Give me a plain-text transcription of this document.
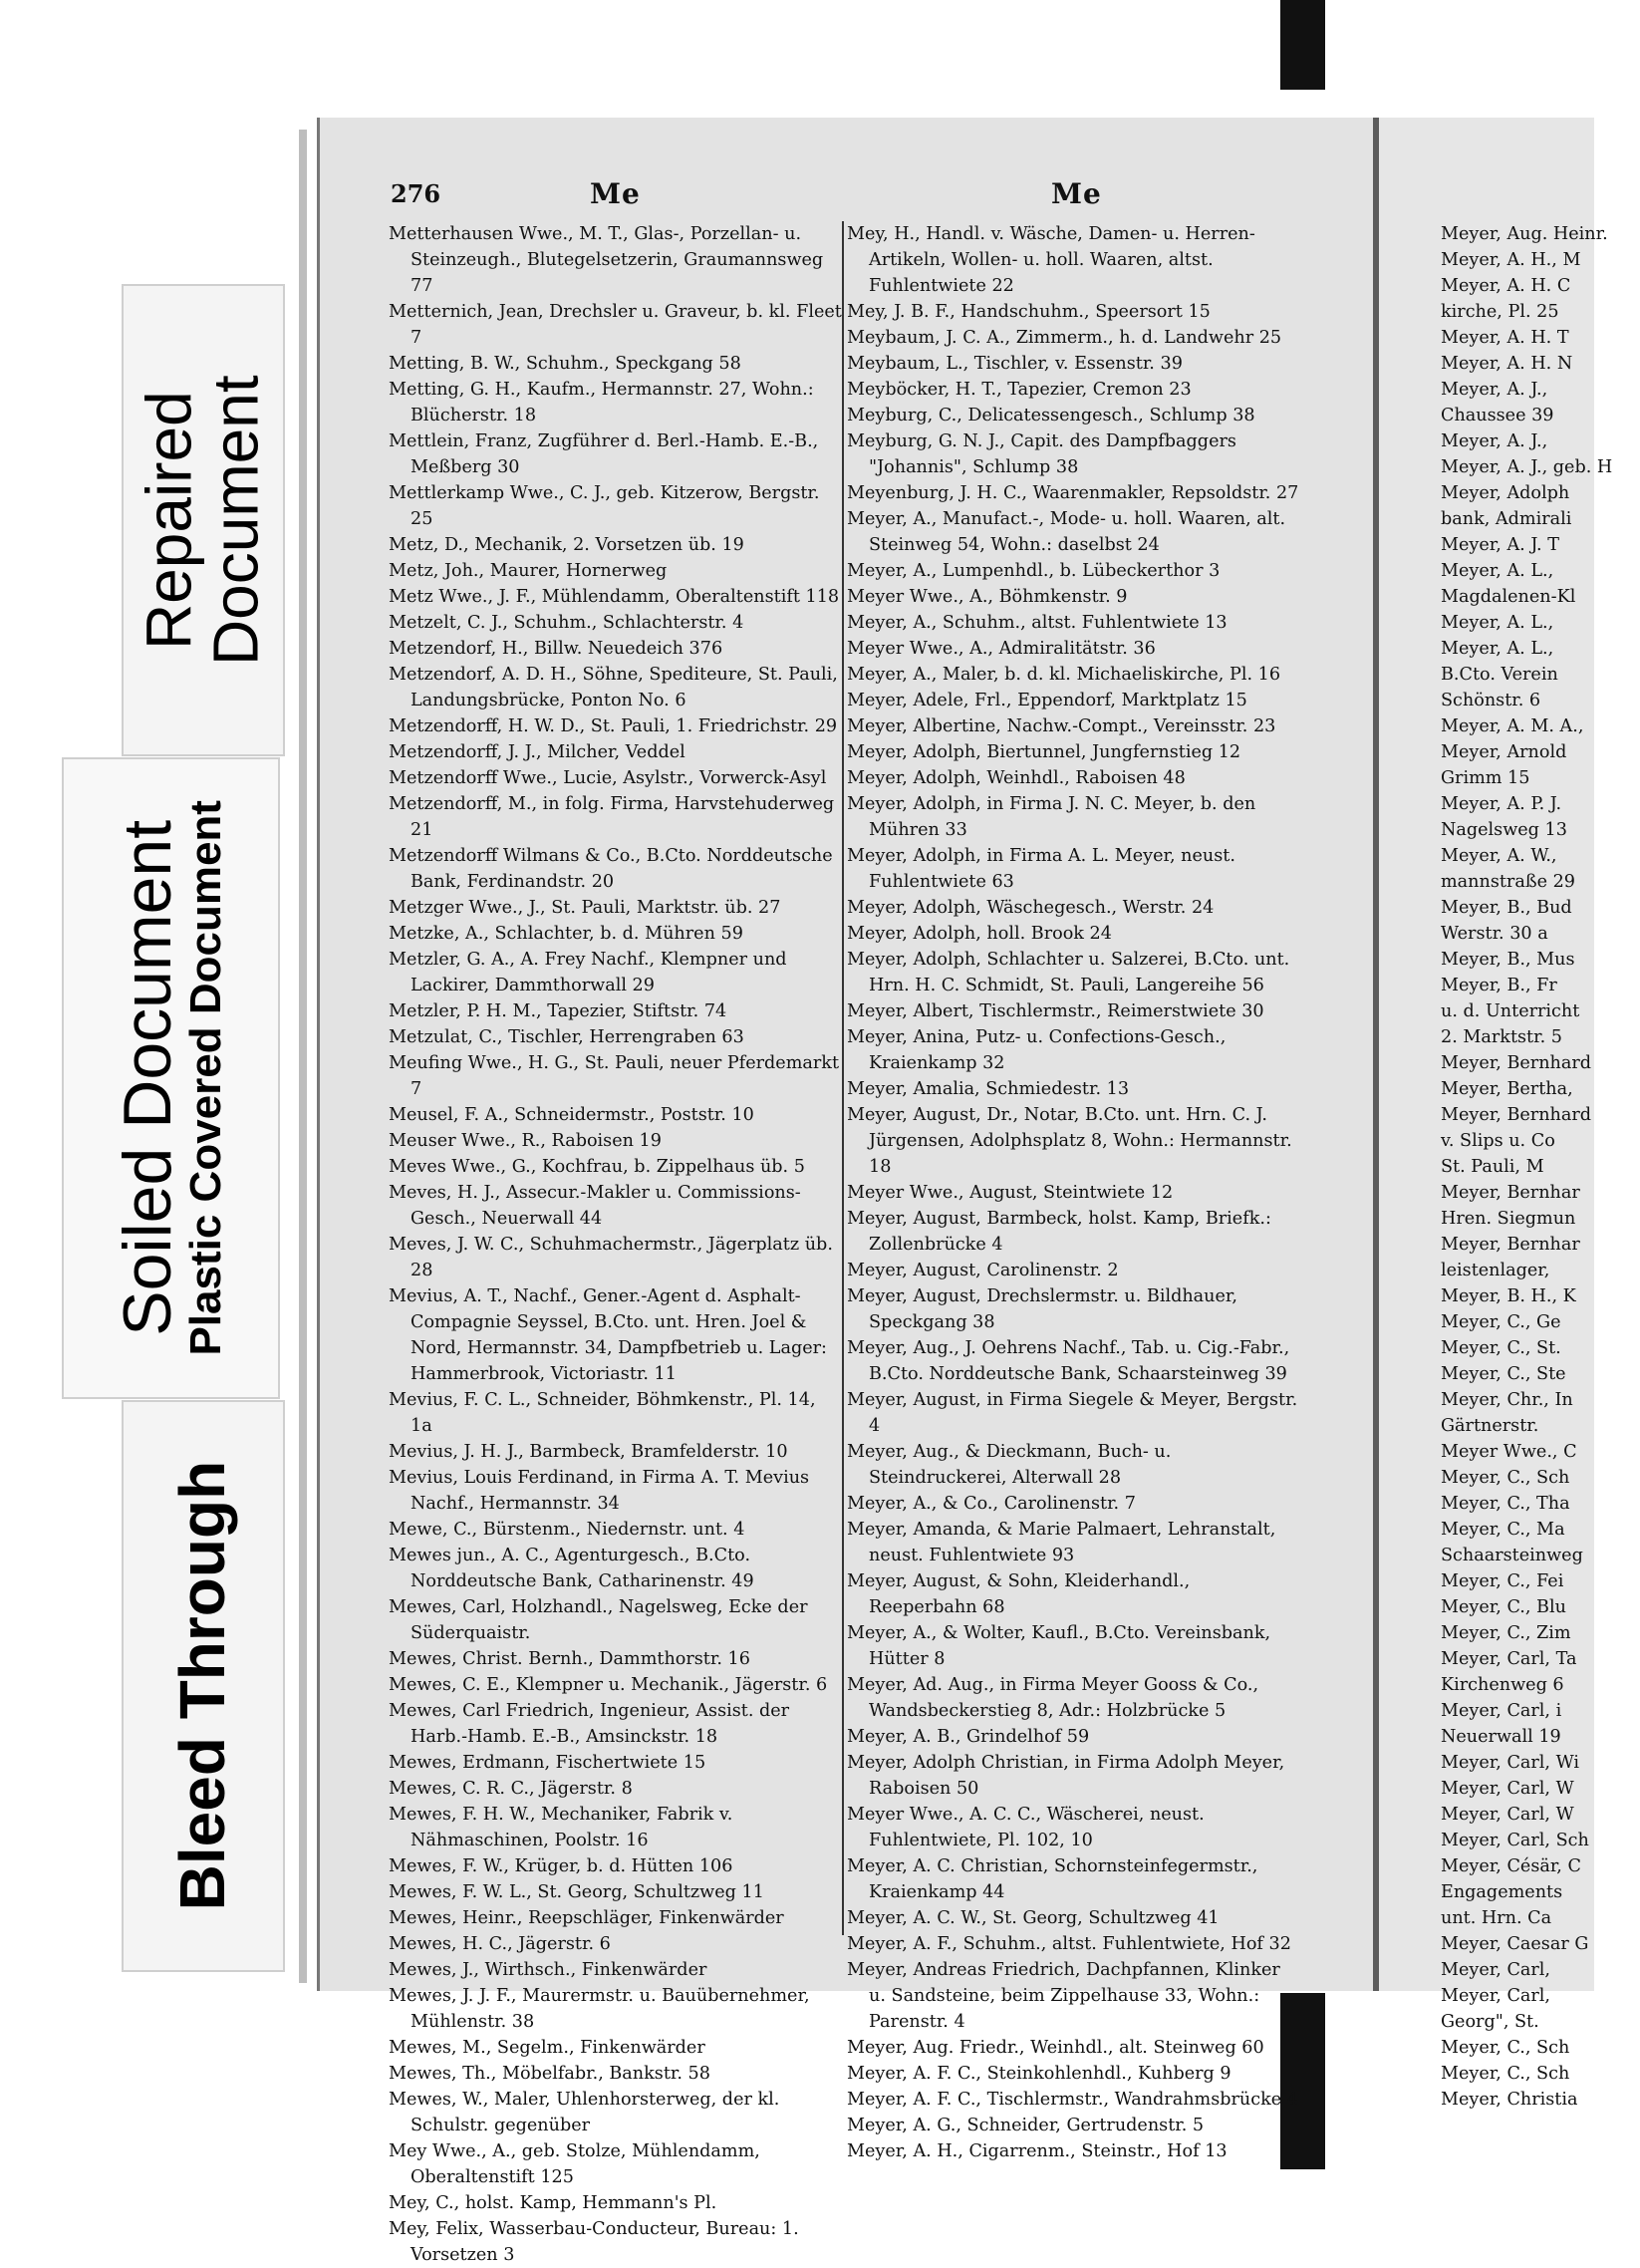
Repaired
Document
Soiled Document
Plastic Covered Document
Bleed Through
276	Me	Me
Metterhausen Wwe., M. T., Glas-, Porzellan- u. Steinzeugh., Blutegelsetzerin, Graumannsweg 77
Metternich, Jean, Drechsler u. Graveur, b. kl. Fleet 7
Metting, B. W., Schuhm., Speckgang 58
Metting, G. H., Kaufm., Hermannstr. 27, Wohn.: Blücherstr. 18
Mettlein, Franz, Zugführer d. Berl.-Hamb. E.-B., Meßberg 30
Mettlerkamp Wwe., C. J., geb. Kitzerow, Bergstr. 25
Metz, D., Mechanik, 2. Vorsetzen üb. 19
Metz, Joh., Maurer, Hornerweg
Metz Wwe., J. F., Mühlendamm, Oberaltenstift 118
Metzelt, C. J., Schuhm., Schlachterstr. 4
Metzendorf, H., Billw. Neuedeich 376
Metzendorf, A. D. H., Söhne, Spediteure, St. Pauli, Landungsbrücke, Ponton No. 6
Metzendorff, H. W. D., St. Pauli, 1. Friedrichstr. 29
Metzendorff, J. J., Milcher, Veddel
Metzendorff Wwe., Lucie, Asylstr., Vorwerck-Asyl
Metzendorff, M., in folg. Firma, Harvstehuderweg 21
Metzendorff Wilmans & Co., B.Cto. Norddeutsche Bank, Ferdinandstr. 20
Metzger Wwe., J., St. Pauli, Marktstr. üb. 27
Metzke, A., Schlachter, b. d. Mühren 59
Metzler, G. A., A. Frey Nachf., Klempner und Lackirer, Dammthorwall 29
Metzler, P. H. M., Tapezier, Stiftstr. 74
Metzulat, C., Tischler, Herrengraben 63
Meufing Wwe., H. G., St. Pauli, neuer Pferdemarkt 7
Meusel, F. A., Schneidermstr., Poststr. 10
Meuser Wwe., R., Raboisen 19
Meves Wwe., G., Kochfrau, b. Zippelhaus üb. 5
Meves, H. J., Assecur.-Makler u. Commissions-Gesch., Neuerwall 44
Meves, J. W. C., Schuhmachermstr., Jägerplatz üb. 28
Mevius, A. T., Nachf., Gener.-Agent d. Asphalt-Compagnie Seyssel, B.Cto. unt. Hren. Joel & Nord, Hermannstr. 34, Dampfbetrieb u. Lager: Hammerbrook, Victoriastr. 11
Mevius, F. C. L., Schneider, Böhmkenstr., Pl. 14, 1a
Mevius, J. H. J., Barmbeck, Bramfelderstr. 10
Mevius, Louis Ferdinand, in Firma A. T. Mevius Nachf., Hermannstr. 34
Mewe, C., Bürstenm., Niedernstr. unt. 4
Mewes jun., A. C., Agenturgesch., B.Cto. Norddeutsche Bank, Catharinenstr. 49
Mewes, Carl, Holzhandl., Nagelsweg, Ecke der Süderquaistr.
Mewes, Christ. Bernh., Dammthorstr. 16
Mewes, C. E., Klempner u. Mechanik., Jägerstr. 6
Mewes, Carl Friedrich, Ingenieur, Assist. der Harb.-Hamb. E.-B., Amsinckstr. 18
Mewes, Erdmann, Fischertwiete 15
Mewes, C. R. C., Jägerstr. 8
Mewes, F. H. W., Mechaniker, Fabrik v. Nähmaschinen, Poolstr. 16
Mewes, F. W., Krüger, b. d. Hütten 106
Mewes, F. W. L., St. Georg, Schultzweg 11
Mewes, Heinr., Reepschläger, Finkenwärder
Mewes, H. C., Jägerstr. 6
Mewes, J., Wirthsch., Finkenwärder
Mewes, J. J. F., Maurermstr. u. Bauübernehmer, Mühlenstr. 38
Mewes, M., Segelm., Finkenwärder
Mewes, Th., Möbelfabr., Bankstr. 58
Mewes, W., Maler, Uhlenhorsterweg, der kl. Schulstr. gegenüber
Mey Wwe., A., geb. Stolze, Mühlendamm, Oberaltenstift 125
Mey, C., holst. Kamp, Hemmann's Pl.
Mey, Felix, Wasserbau-Conducteur, Bureau: 1. Vorsetzen 3
Mey, H., Handl. v. Wäsche, Damen- u. Herren-Artikeln, Wollen- u. holl. Waaren, altst. Fuhlentwiete 22
Mey, J. B. F., Handschuhm., Speersort 15
Meybaum, J. C. A., Zimmerm., h. d. Landwehr 25
Meybaum, L., Tischler, v. Essenstr. 39
Meyböcker, H. T., Tapezier, Cremon 23
Meyburg, C., Delicatessengesch., Schlump 38
Meyburg, G. N. J., Capit. des Dampfbaggers "Johannis", Schlump 38
Meyenburg, J. H. C., Waarenmakler, Repsoldstr. 27
Meyer, A., Manufact.-, Mode- u. holl. Waaren, alt. Steinweg 54, Wohn.: daselbst 24
Meyer, A., Lumpenhdl., b. Lübeckerthor 3
Meyer Wwe., A., Böhmkenstr. 9
Meyer, A., Schuhm., altst. Fuhlentwiete 13
Meyer Wwe., A., Admiralitätstr. 36
Meyer, A., Maler, b. d. kl. Michaeliskirche, Pl. 16
Meyer, Adele, Frl., Eppendorf, Marktplatz 15
Meyer, Albertine, Nachw.-Compt., Vereinsstr. 23
Meyer, Adolph, Biertunnel, Jungfernstieg 12
Meyer, Adolph, Weinhdl., Raboisen 48
Meyer, Adolph, in Firma J. N. C. Meyer, b. den Mühren 33
Meyer, Adolph, in Firma A. L. Meyer, neust. Fuhlentwiete 63
Meyer, Adolph, Wäschegesch., Werstr. 24
Meyer, Adolph, holl. Brook 24
Meyer, Adolph, Schlachter u. Salzerei, B.Cto. unt. Hrn. H. C. Schmidt, St. Pauli, Langereihe 56
Meyer, Albert, Tischlermstr., Reimerstwiete 30
Meyer, Anina, Putz- u. Confections-Gesch., Kraienkamp 32
Meyer, Amalia, Schmiedestr. 13
Meyer, August, Dr., Notar, B.Cto. unt. Hrn. C. J. Jürgensen, Adolphsplatz 8, Wohn.: Hermannstr. 18
Meyer Wwe., August, Steintwiete 12
Meyer, August, Barmbeck, holst. Kamp, Briefk.: Zollenbrücke 4
Meyer, August, Carolinenstr. 2
Meyer, August, Drechslermstr. u. Bildhauer, Speckgang 38
Meyer, Aug., J. Oehrens Nachf., Tab. u. Cig.-Fabr., B.Cto. Norddeutsche Bank, Schaarsteinweg 39
Meyer, August, in Firma Siegele & Meyer, Bergstr. 4
Meyer, Aug., & Dieckmann, Buch- u. Steindruckerei, Alterwall 28
Meyer, A., & Co., Carolinenstr. 7
Meyer, Amanda, & Marie Palmaert, Lehranstalt, neust. Fuhlentwiete 93
Meyer, August, & Sohn, Kleiderhandl., Reeperbahn 68
Meyer, A., & Wolter, Kaufl., B.Cto. Vereinsbank, Hütter 8
Meyer, Ad. Aug., in Firma Meyer Gooss & Co., Wandsbeckerstieg 8, Adr.: Holzbrücke 5
Meyer, A. B., Grindelhof 59
Meyer, Adolph Christian, in Firma Adolph Meyer, Raboisen 50
Meyer Wwe., A. C. C., Wäscherei, neust. Fuhlentwiete, Pl. 102, 10
Meyer, A. C. Christian, Schornsteinfegermstr., Kraienkamp 44
Meyer, A. C. W., St. Georg, Schultzweg 41
Meyer, A. F., Schuhm., altst. Fuhlentwiete, Hof 32
Meyer, Andreas Friedrich, Dachpfannen, Klinker u. Sandsteine, beim Zippelhause 33, Wohn.: Parenstr. 4
Meyer, Aug. Friedr., Weinhdl., alt. Steinweg 60
Meyer, A. F. C., Steinkohlenhdl., Kuhberg 9
Meyer, A. F. C., Tischlermstr., Wandrahmsbrücke 4
Meyer, A. G., Schneider, Gertrudenstr. 5
Meyer, A. H., Cigarrenm., Steinstr., Hof 13
Meyer, Aug. Heinr.
Meyer, A. H., M
Meyer, A. H. C
kirche, Pl. 25
Meyer, A. H. T
Meyer, A. H. N
Meyer, A. J.,
Chaussee 39
Meyer, A. J.,
Meyer, A. J., geb. H
Meyer, Adolph
bank, Admirali
Meyer, A. J. T
Meyer, A. L.,
Magdalenen-Kl
Meyer, A. L.,
Meyer, A. L.,
B.Cto. Verein
Schönstr. 6
Meyer, A. M. A.,
Meyer, Arnold
Grimm 15
Meyer, A. P. J.
Nagelsweg 13
Meyer, A. W.,
mannstraße 29
Meyer, B., Bud
Werstr. 30 a
Meyer, B., Mus
Meyer, B., Fr
u. d. Unterricht
2. Marktstr. 5
Meyer, Bernhard
Meyer, Bertha,
Meyer, Bernhard
v. Slips u. Co
St. Pauli, M
Meyer, Bernhar
Hren. Siegmun
Meyer, Bernhar
leistenlager,
Meyer, B. H., K
Meyer, C., Ge
Meyer, C., St.
Meyer, C., Ste
Meyer, Chr., In
Gärtnerstr.
Meyer Wwe., C
Meyer, C., Sch
Meyer, C., Tha
Meyer, C., Ma
Schaarsteinweg
Meyer, C., Fei
Meyer, C., Blu
Meyer, C., Zim
Meyer, Carl, Ta
Kirchenweg 6
Meyer, Carl, i
Neuerwall 19
Meyer, Carl, Wi
Meyer, Carl, W
Meyer, Carl, W
Meyer, Carl, Sch
Meyer, Césär, C
Engagements
unt. Hrn. Ca
Meyer, Caesar G
Meyer, Carl,
Meyer, Carl,
Georg", St.
Meyer, C., Sch
Meyer, C., Sch
Meyer, Christia
